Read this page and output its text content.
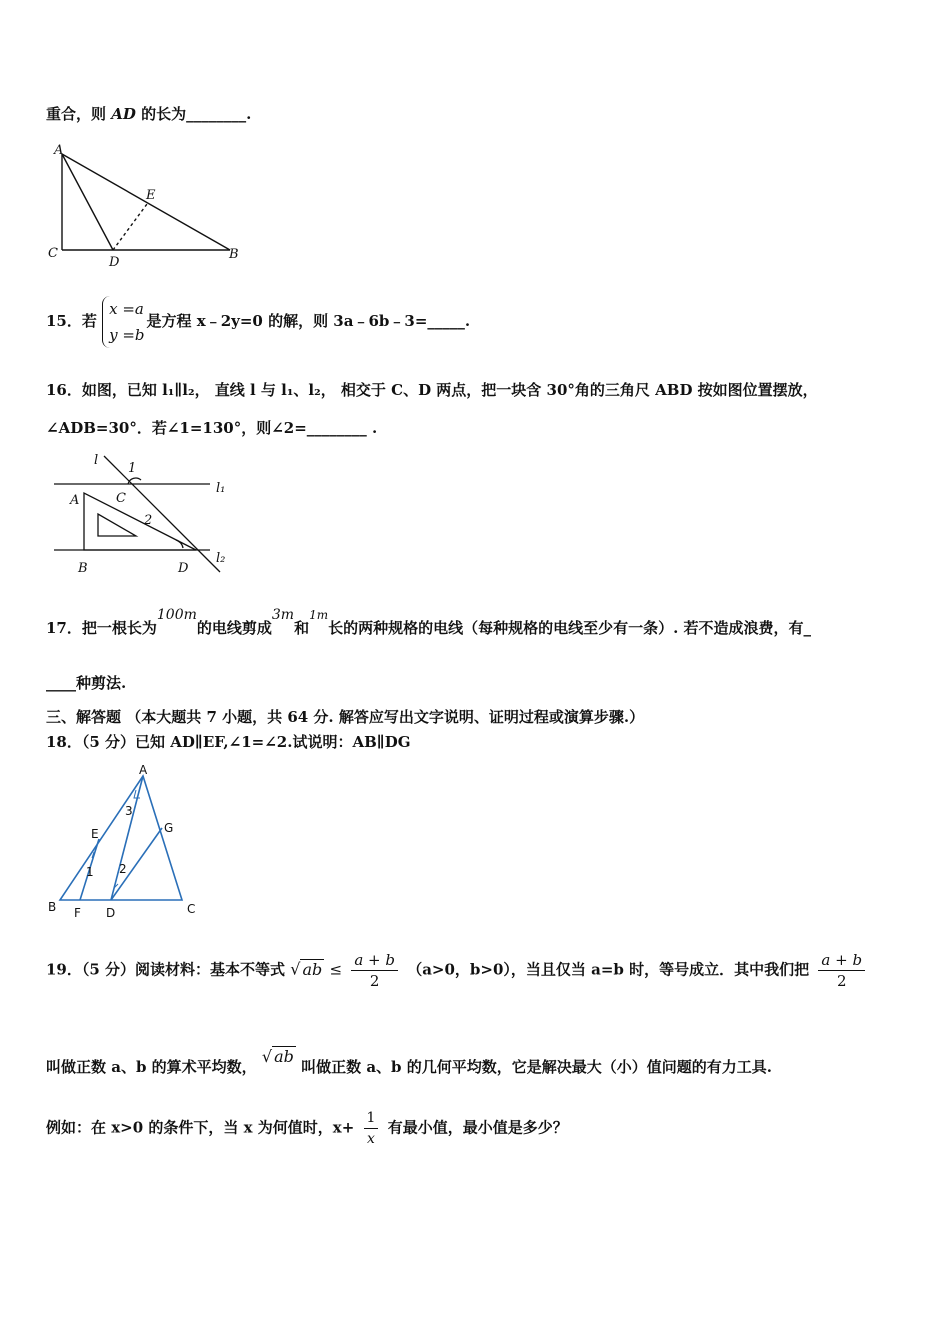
重合，则 AD 的长为________.
A
C
D
E
B
15．若
x =a
y =b
是方程 x﹣2y=0 的解，则 3a﹣6b﹣3=_____.
16．如图，已知 l₁∥l₂， 直线 l 与 l₁、l₂， 相交于 C、D 两点，把一块含 30°角的三角尺 ABD 按如图位置摆放，
∠ADB=30°．若∠1=130°，则∠2=________ .
l
1
A	C
2
l₁
B	D
l₂
17．把一根长为100m的电线剪成3m和$^{1m}$长的两种规格的电线（每种规格的电线至少有一条）. 若不造成浪费，有_
____种剪法.
三、解答题 （本大题共 7 小题，共 64 分. 解答应写出文字说明、证明过程或演算步骤.）
18．（5 分）已知 AD∥EF,∠1=∠2.试说明：AB∥DG
A
3
E	G
1 2
B F D	C
19．（5 分）阅读材料：基本不等式 √ ab ≤ $\frac{a + b}{2} (a>0$，b>0），当且仅当 a=b 时，等号成立．其中我们把 $\frac{a + b}{2}$
叫做正数 a、b 的算术平均数， √ ab 叫做正数 a、b 的几何平均数，它是解决最大（小）值问题的有力工具.
例如：在 x>0 的条件下，当 x 为何值时，$x+ \frac{1}{x}$ 有最小值，最小值是多少？
